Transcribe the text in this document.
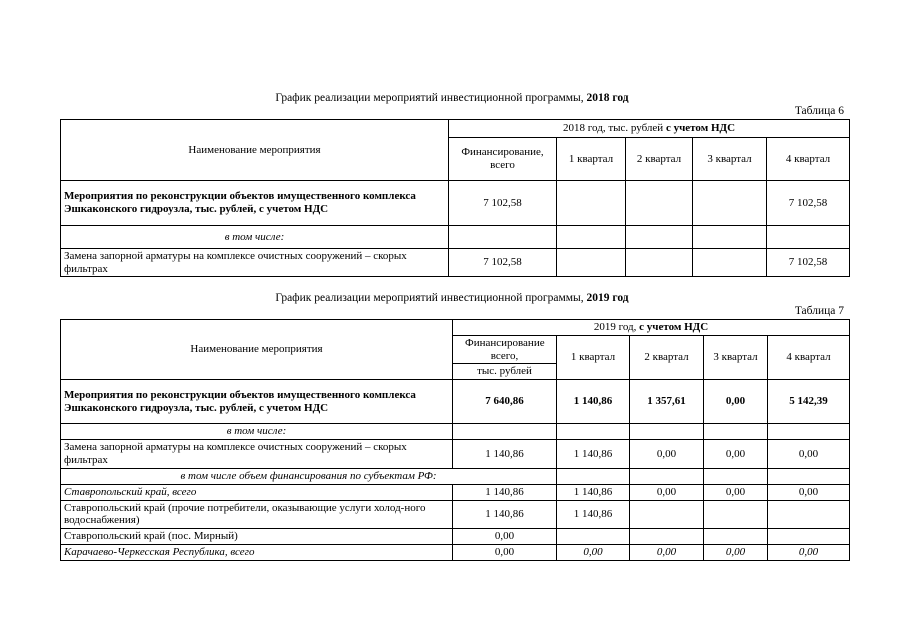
График реализации мероприятий инвестиционной программы, 2018 год
Таблица 6
Наименование мероприятия	2018 год, тыс. рублей с учетом НДС				
	Финансирование, всего	1 квартал	2 квартал	3 квартал	4 квартал
Мероприятия по реконструкции объектов имущественного комплекса Эшкаконского гидроузла, тыс. рублей, с учетом НДС	7 102,58				7 102,58
в том числе:					
Замена запорной арматуры на комплексе очистных сооружений – скорых фильтрах	7 102,58				7 102,58
График реализации мероприятий инвестиционной программы, 2019 год
Таблица 7
Наименование мероприятия	2019 год, с учетом НДС				
	Финансирование всего,	1 квартал	2 квартал	3 квартал	4 квартал
	тыс. рублей				
Мероприятия по реконструкции объектов имущественного комплекса Эшкаконского гидроузла, тыс. рублей, с учетом НДС	7 640,86	1 140,86	1 357,61	0,00	5 142,39
в том числе:					
Замена запорной арматуры на комплексе очистных сооружений – скорых фильтрах	1 140,86	1 140,86	0,00	0,00	0,00
в том числе объем финансирования по субъектам РФ:					
Ставропольский край, всего	1 140,86	1 140,86	0,00	0,00	0,00
Ставропольский край (прочие потребители, оказывающие услуги холод-ного водоснабжения)	1 140,86	1 140,86			
Ставропольский край (пос. Мирный)	0,00				
Карачаево-Черкесская Республика, всего	0,00	0,00	0,00	0,00	0,00
